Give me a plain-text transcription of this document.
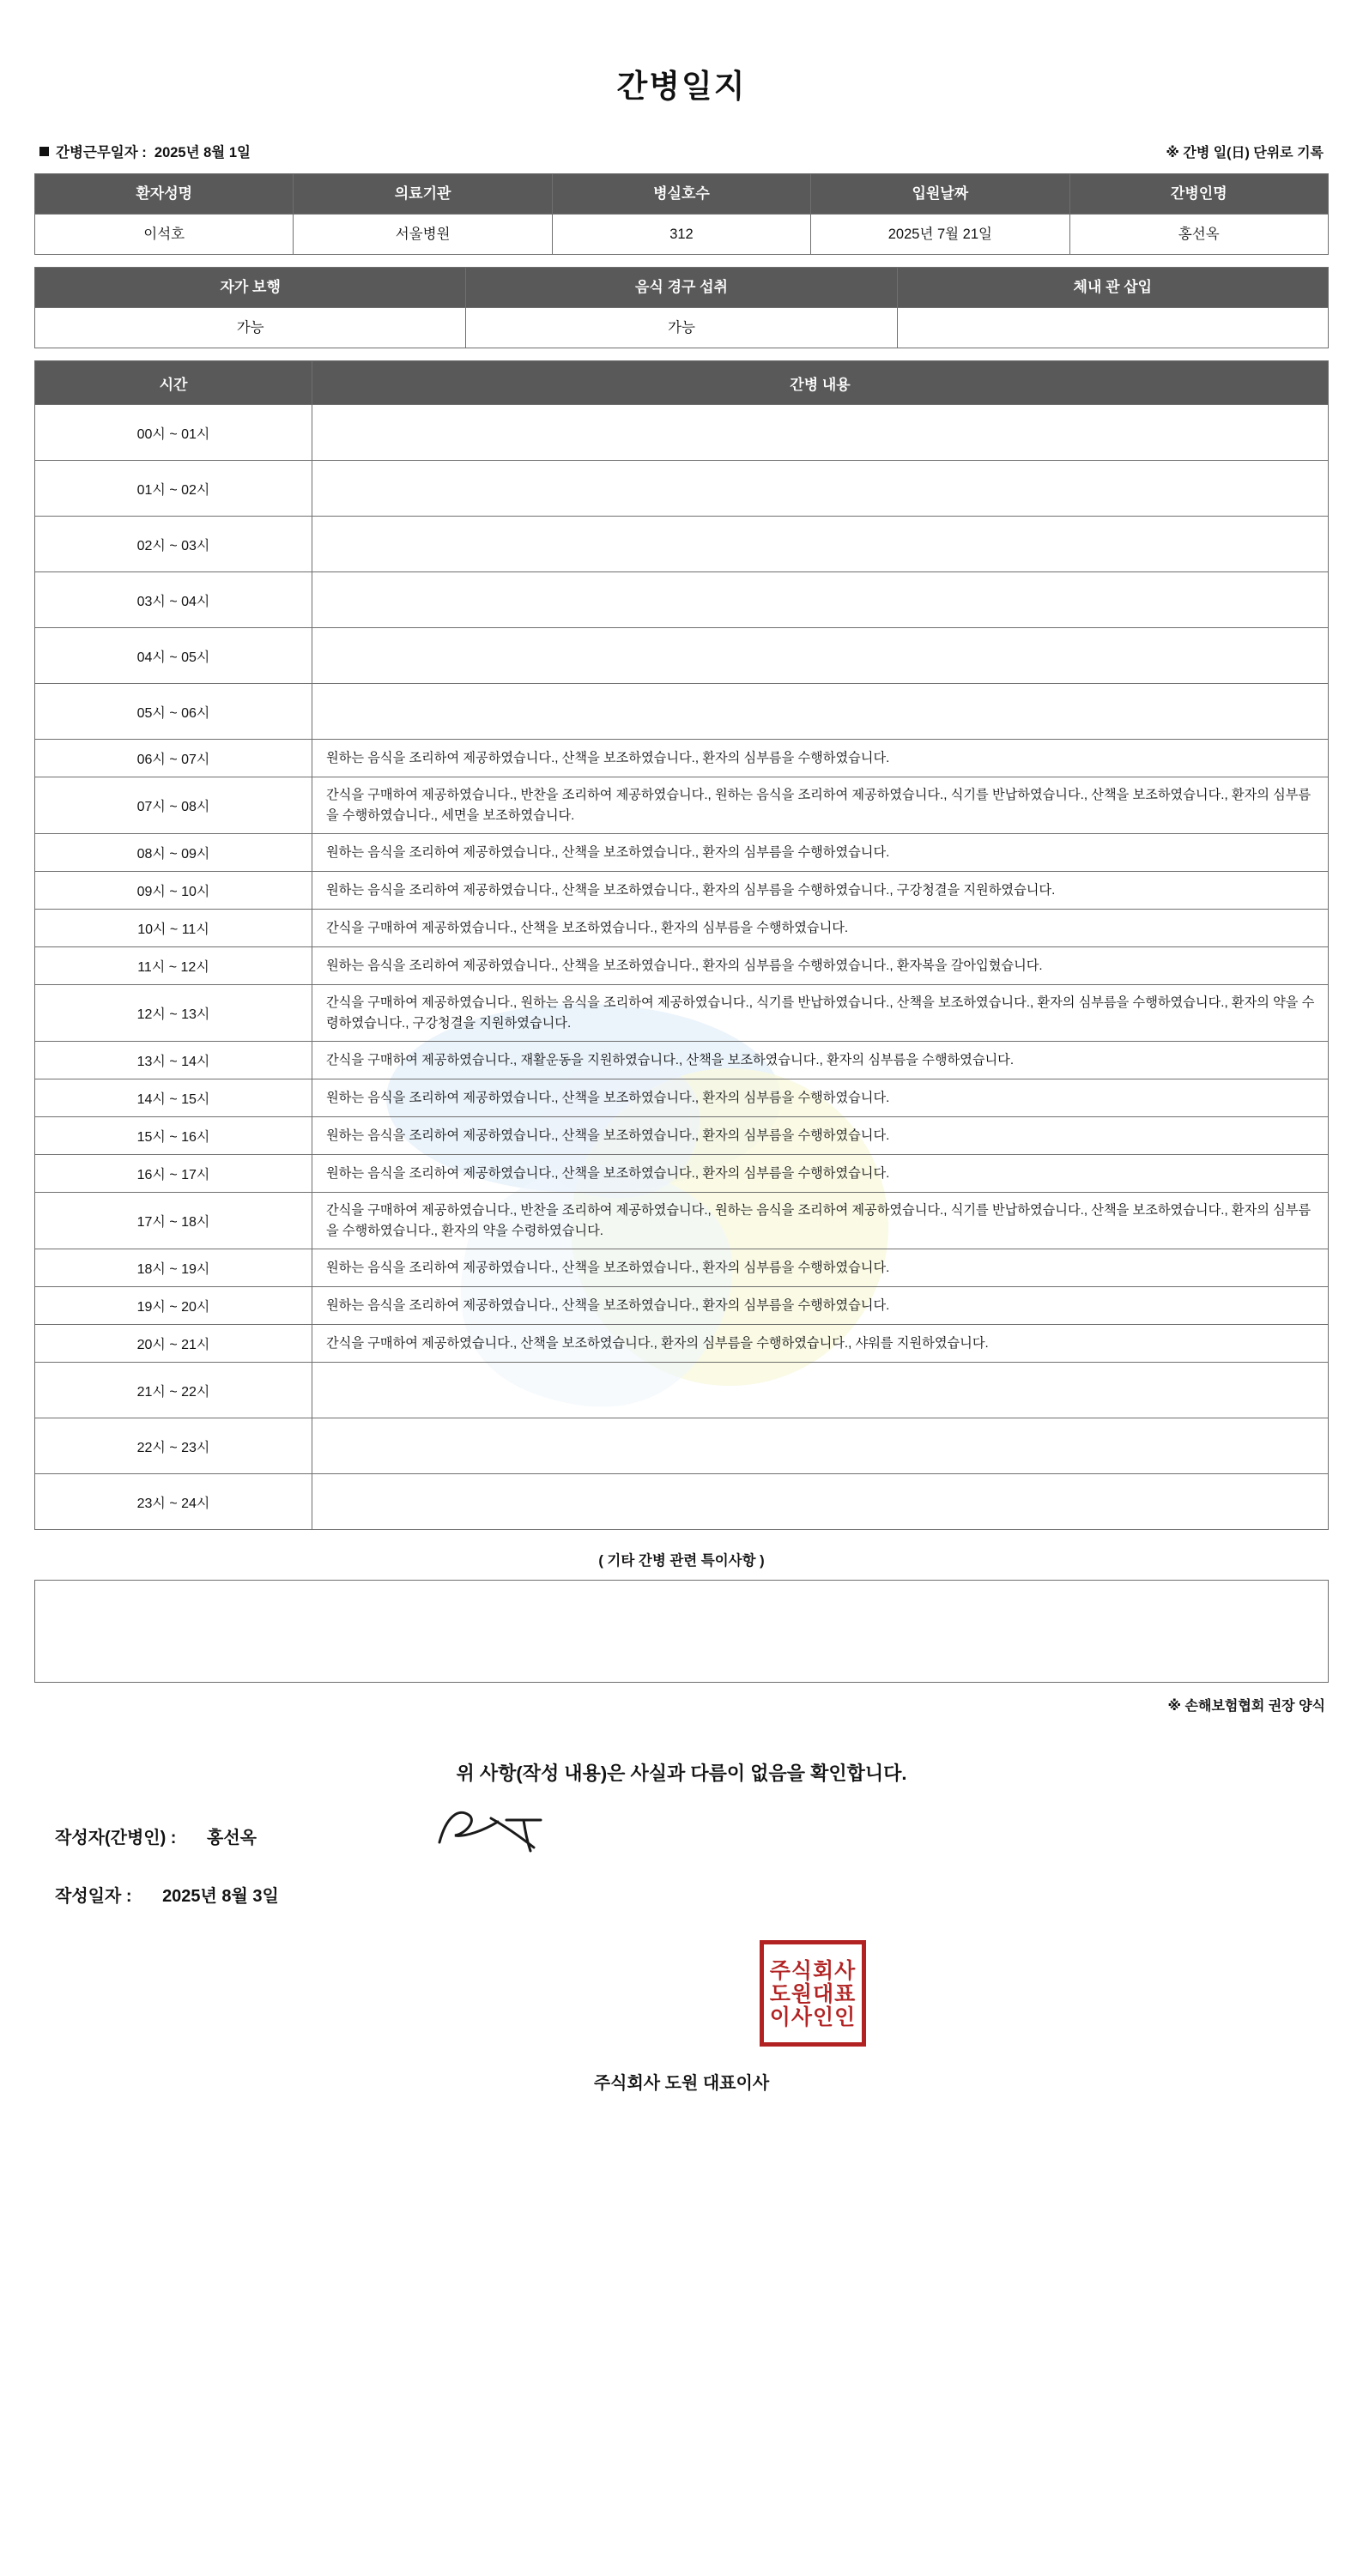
간병일지
간병근무일자 : 2025년 8월 1일	※ 간병 일(日) 단위로 기록
환자성명	의료기관	병실호수	입원날짜	간병인명
이석호	서울병원	312	2025년 7월 21일	홍선옥
자가 보행	음식 경구 섭취	체내 관 삽입
가능	가능	
시간	간병 내용
00시 ~ 01시	
01시 ~ 02시	
02시 ~ 03시	
03시 ~ 04시	
04시 ~ 05시	
05시 ~ 06시	
06시 ~ 07시	원하는 음식을 조리하여 제공하였습니다., 산책을 보조하였습니다., 환자의 심부름을 수행하였습니다.
07시 ~ 08시	간식을 구매하여 제공하였습니다., 반찬을 조리하여 제공하였습니다., 원하는 음식을 조리하여 제공하였습니다., 식기를 반납하였습니다., 산책을 보조하였습니다., 환자의 심부름을 수행하였습니다., 세면을 보조하였습니다.
08시 ~ 09시	원하는 음식을 조리하여 제공하였습니다., 산책을 보조하였습니다., 환자의 심부름을 수행하였습니다.
09시 ~ 10시	원하는 음식을 조리하여 제공하였습니다., 산책을 보조하였습니다., 환자의 심부름을 수행하였습니다., 구강청결을 지원하였습니다.
10시 ~ 11시	간식을 구매하여 제공하였습니다., 산책을 보조하였습니다., 환자의 심부름을 수행하였습니다.
11시 ~ 12시	원하는 음식을 조리하여 제공하였습니다., 산책을 보조하였습니다., 환자의 심부름을 수행하였습니다., 환자복을 갈아입혔습니다.
12시 ~ 13시	간식을 구매하여 제공하였습니다., 원하는 음식을 조리하여 제공하였습니다., 식기를 반납하였습니다., 산책을 보조하였습니다., 환자의 심부름을 수행하였습니다., 환자의 약을 수령하였습니다., 구강청결을 지원하였습니다.
13시 ~ 14시	간식을 구매하여 제공하였습니다., 재활운동을 지원하였습니다., 산책을 보조하였습니다., 환자의 심부름을 수행하였습니다.
14시 ~ 15시	원하는 음식을 조리하여 제공하였습니다., 산책을 보조하였습니다., 환자의 심부름을 수행하였습니다.
15시 ~ 16시	원하는 음식을 조리하여 제공하였습니다., 산책을 보조하였습니다., 환자의 심부름을 수행하였습니다.
16시 ~ 17시	원하는 음식을 조리하여 제공하였습니다., 산책을 보조하였습니다., 환자의 심부름을 수행하였습니다.
17시 ~ 18시	간식을 구매하여 제공하였습니다., 반찬을 조리하여 제공하였습니다., 원하는 음식을 조리하여 제공하였습니다., 식기를 반납하였습니다., 산책을 보조하였습니다., 환자의 심부름을 수행하였습니다., 환자의 약을 수령하였습니다.
18시 ~ 19시	원하는 음식을 조리하여 제공하였습니다., 산책을 보조하였습니다., 환자의 심부름을 수행하였습니다.
19시 ~ 20시	원하는 음식을 조리하여 제공하였습니다., 산책을 보조하였습니다., 환자의 심부름을 수행하였습니다.
20시 ~ 21시	간식을 구매하여 제공하였습니다., 산책을 보조하였습니다., 환자의 심부름을 수행하였습니다., 샤워를 지원하였습니다.
21시 ~ 22시	
22시 ~ 23시	
23시 ~ 24시	
( 기타 간병 관련 특이사항 )
※ 손해보험협회 권장 양식
위 사항(작성 내용)은 사실과 다름이 없음을 확인합니다.
작성자(간병인) : 홍선옥
작성일자 : 2025년 8월 3일
주식회사
도원대표
이사인인
주식회사 도원 대표이사
